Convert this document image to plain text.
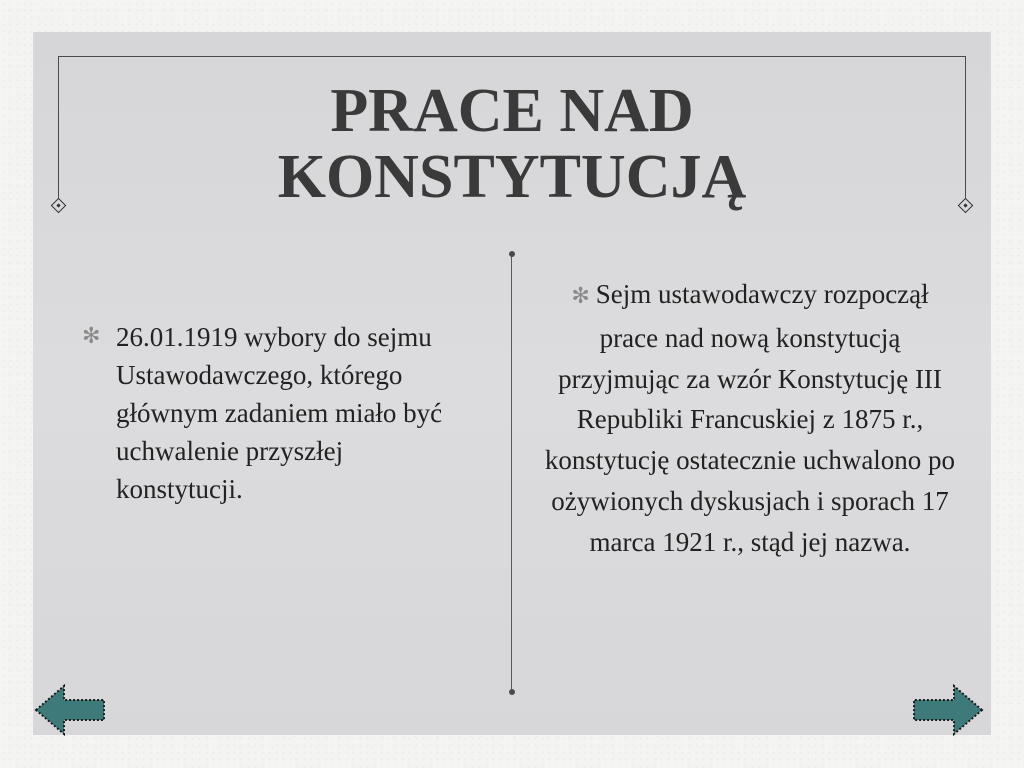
PRACE NAD
KONSTYTUCJĄ
✻ 26.01.1919 wybory do sejmu Ustawodawczego, którego głównym zadaniem miało być uchwalenie przyszłej konstytucji.
✻ Sejm ustawodawczy rozpoczął prace nad nową konstytucją przyjmując za wzór Konstytucję III Republiki Francuskiej z 1875 r., konstytucję ostatecznie uchwalono po ożywionych dyskusjach i sporach 17 marca 1921 r., stąd jej nazwa.
